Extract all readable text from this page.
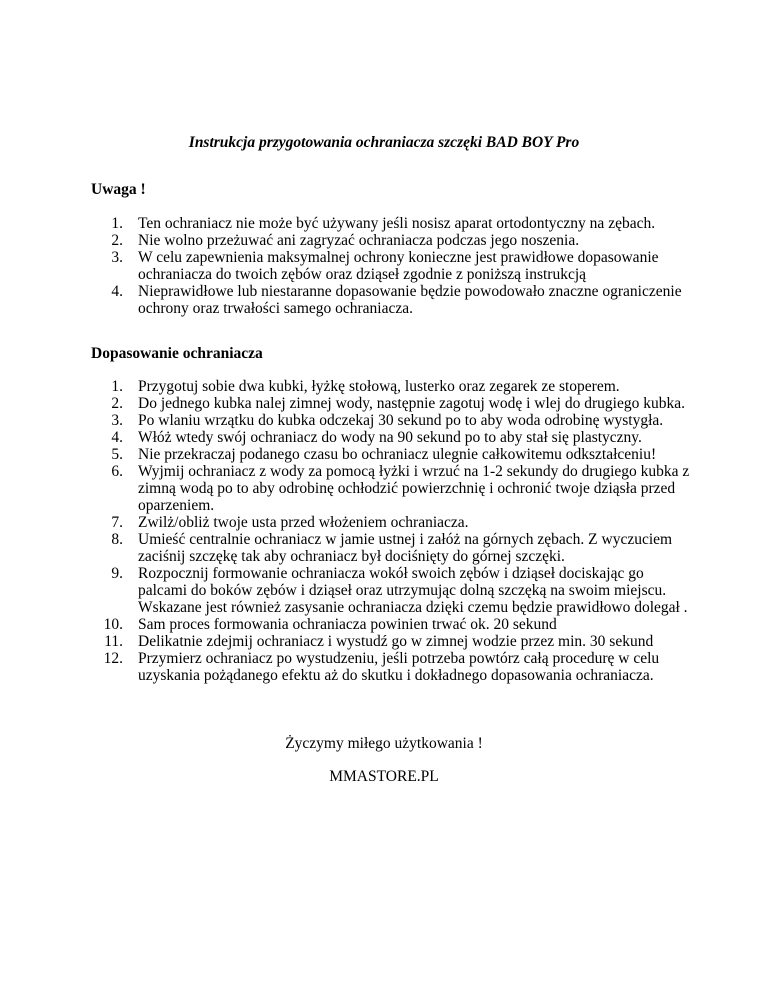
Instrukcja przygotowania ochraniacza szczęki BAD BOY Pro

Uwaga !

1. Ten ochraniacz nie może być używany jeśli nosisz aparat ortodontyczny na zębach.
2. Nie wolno przeżuwać ani zagryzać ochraniacza podczas jego noszenia.
3. W celu zapewnienia maksymalnej ochrony konieczne jest prawidłowe dopasowanie ochraniacza do twoich zębów oraz dziąseł zgodnie z poniższą instrukcją
4. Nieprawidłowe lub niestaranne dopasowanie będzie powodowało znaczne ograniczenie ochrony oraz trwałości samego ochraniacza.

Dopasowanie ochraniacza

1. Przygotuj sobie dwa kubki, łyżkę stołową, lusterko oraz zegarek ze stoperem.
2. Do jednego kubka nalej zimnej wody, następnie zagotuj wodę i wlej do drugiego kubka.
3. Po wlaniu wrzątku do kubka odczekaj 30 sekund po to aby woda odrobinę wystygła.
4. Włóż wtedy swój ochraniacz do wody na 90 sekund po to aby stał się plastyczny.
5. Nie przekraczaj podanego czasu bo ochraniacz ulegnie całkowitemu odkształceniu!
6. Wyjmij ochraniacz z wody za pomocą łyżki i wrzuć na 1-2 sekundy do drugiego kubka z zimną wodą po to aby odrobinę ochłodzić powierzchnię i ochronić twoje dziąsła przed oparzeniem.
7. Zwilż/obliż twoje usta przed włożeniem ochraniacza.
8. Umieść centralnie ochraniacz w jamie ustnej i załóż na górnych zębach. Z wyczuciem zaciśnij szczękę tak aby ochraniacz był dociśnięty do górnej szczęki.
9. Rozpocznij formowanie ochraniacza wokół swoich zębów i dziąseł dociskając go palcami do boków zębów i dziąseł oraz utrzymując dolną szczęką na swoim miejscu. Wskazane jest również zasysanie ochraniacza dzięki czemu będzie prawidłowo dolegał .
10. Sam proces formowania ochraniacza powinien trwać ok. 20 sekund
11. Delikatnie zdejmij ochraniacz i wystudź go w zimnej wodzie przez min. 30 sekund
12. Przymierz ochraniacz po wystudzeniu, jeśli potrzeba powtórz całą procedurę w celu uzyskania pożądanego efektu aż do skutku i dokładnego dopasowania ochraniacza.

Życzymy miłego użytkowania !

MMASTORE.PL
